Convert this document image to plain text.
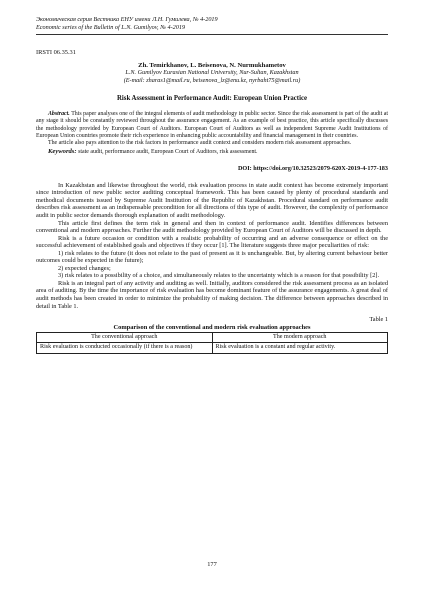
Экономическая серия Вестника ЕНУ имени Л.Н. Гумилева, № 4-2019
Economic series of the Bulletin of L.N. Gumilyov, № 4-2019
IRSTI 06.35.31
Zh. Temirkhanov, L. Beisenova, N. Nurmukhametov
L.N. Gumilyov Eurasian National University, Nur-Sultan, Kazakhstan
(E-mail: zharas1@mail.ru, beisenova_lz@enu.kz, nyrbaht75@mail.ru)
Risk Assessment in Performance Audit: European Union Practice

Abstract. This paper analyses one of the integral elements of audit methodology in public sector. Since the risk assessment is part of the audit at any stage it should be constantly reviewed throughout the assurance engagement. As an example of best practice, this article specifically discusses the methodology provided by European Court of Auditors. European Court of Auditors as well as independent Supreme Audit Institutions of European Union countries promote their rich experience in enhancing public accountability and financial management in their countries.

The article also pays attention to the risk factors in performance audit context and considers modern risk assessment approaches.

Keywords: state audit, performance audit, European Court of Auditors, risk assessment.
DOI: https://doi.org/10.32523/2079-620X-2019-4-177-183

In Kazakhstan and likewise throughout the world, risk evaluation process in state audit context has become extremely important since introduction of new public sector auditing conceptual framework. This has been caused by plenty of procedural standards and methodical documents issued by Supreme Audit Institution of the Republic of Kazakhstan. Procedural standard on performance audit describes risk assessment as an indispensable precondition for all directions of this type of audit. However, the complexity of performance audit in public sector demands thorough explanation of audit methodology.

This article first defines the term risk in general and then in context of performance audit. Identifies differences between conventional and modern approaches. Further the audit methodology provided by European Court of Auditors will be discussed in depth.

Risk is a future occasion or condition with a realistic probability of occurring and an adverse consequence or effect on the successful achievement of established goals and objectives if they occur [1]. The literature suggests three major peculiarities of risk:

1) risk relates to the future (it does not relate to the past of present as it is unchangeable. But, by altering current behaviour better outcomes could be expected in the future);

2) expected changes;

3) risk relates to a possibility of a choice, and simultaneously relates to the uncertainty which is a reason for that possibility [2].

Risk is an integral part of any activity and auditing as well. Initially, auditors considered the risk assessment process as an isolated area of auditing. By the time the importance of risk evaluation has become dominant feature of the assurance engagements. A great deal of audit methods has been created in order to minimize the probability of making decision. The difference between approaches described in detail in Table 1.

Table 1
Comparison of the conventional and modern risk evaluation approaches
The conventional approach	The modern approach
Risk evaluation is conducted occasionally (if there is a reason)	Risk evaluation is a constant and regular activity.
177
